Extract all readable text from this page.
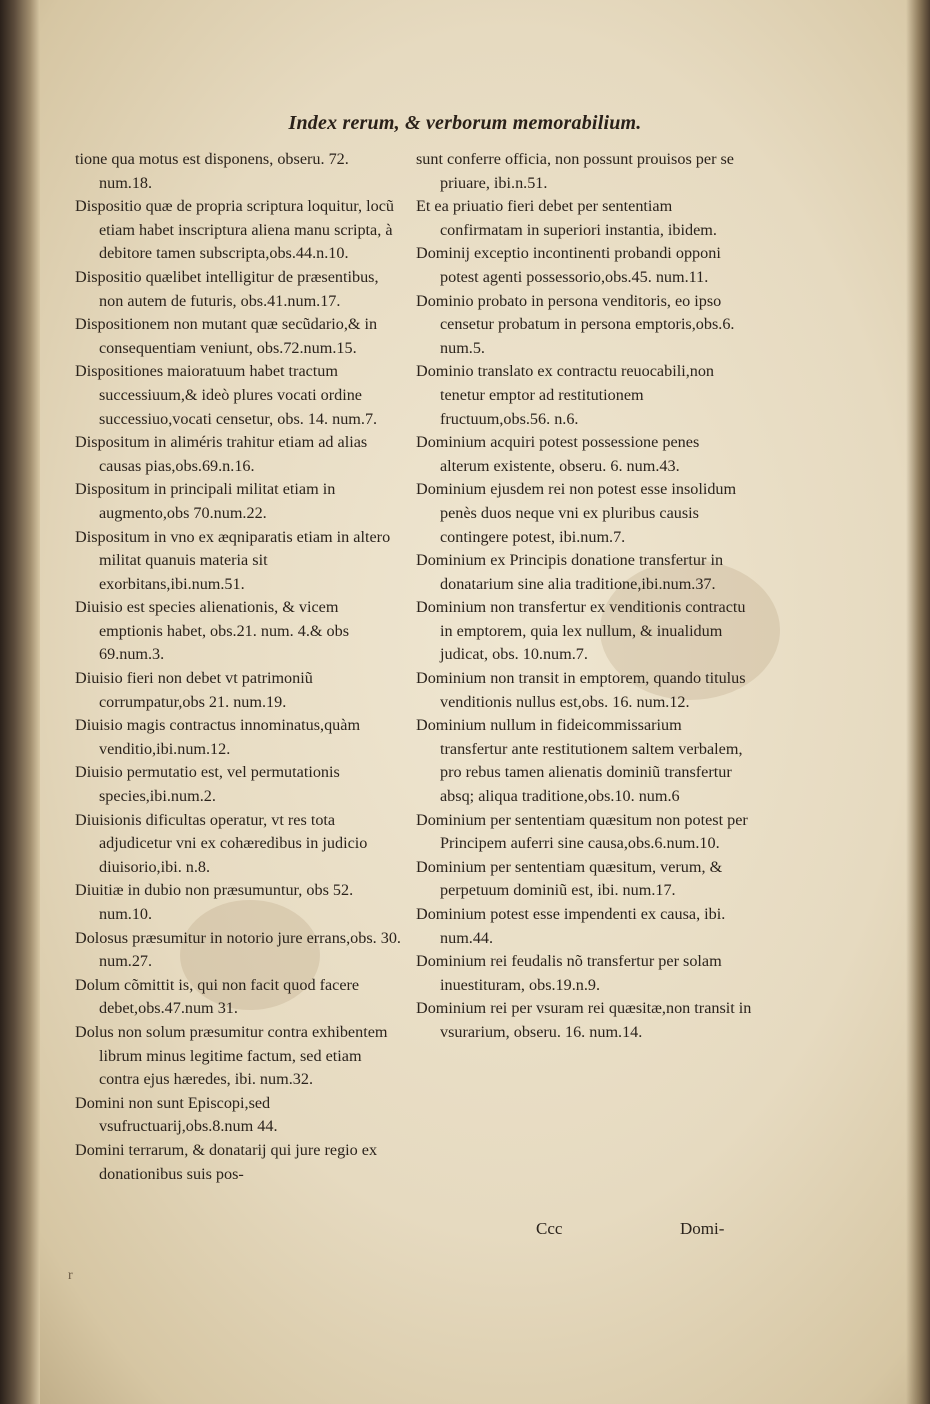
Index rerum, & verborum memorabilium.
tione qua motus est disponens, obseru. 72. num.18.
Dispositio quæ de propria scriptura loquitur, locũ etiam habet inscriptura aliena manu scripta, à debitore tamen subscripta,obs.44.n.10.
Dispositio quælibet intelligitur de præsentibus, non autem de futuris, obs.41.num.17.
Dispositionem non mutant quæ secũdario,& in consequentiam veniunt, obs.72.num.15.
Dispositiones maioratuum habet tractum successiuum,& ideò plures vocati ordine successiuo,vocati censetur, obs. 14. num.7.
Dispositum in aliméris trahitur etiam ad alias causas pias,obs.69.n.16.
Dispositum in principali militat etiam in augmento,obs 70.num.22.
Dispositum in vno ex æqniparatis etiam in altero militat quanuis materia sit exorbitans,ibi.num.51.
Diuisio est species alienationis, & vicem emptionis habet, obs.21. num. 4.& obs 69.num.3.
Diuisio fieri non debet vt patrimoniũ corrumpatur,obs 21. num.19.
Diuisio magis contractus innominatus,quàm venditio,ibi.num.12.
Diuisio permutatio est, vel permutationis species,ibi.num.2.
Diuisionis dificultas operatur, vt res tota adjudicetur vni ex cohæredibus in judicio diuisorio,ibi. n.8.
Diuitiæ in dubio non præsumuntur, obs 52. num.10.
Dolosus præsumitur in notorio jure errans,obs. 30. num.27.
Dolum cõmittit is, qui non facit quod facere debet,obs.47.num 31.
Dolus non solum præsumitur contra exhibentem librum minus legitime factum, sed etiam contra ejus hæredes, ibi. num.32.
Domini non sunt Episcopi,sed vsufructuarij,obs.8.num 44.
Domini terrarum, & donatarij qui jure regio ex donationibus suis pos-
sunt conferre officia, non possunt prouisos per se priuare, ibi.n.51.
Et ea priuatio fieri debet per sententiam confirmatam in superiori instantia, ibidem.
Dominij exceptio incontinenti probandi opponi potest agenti possessorio,obs.45. num.11.
Dominio probato in persona venditoris, eo ipso censetur probatum in persona emptoris,obs.6. num.5.
Dominio translato ex contractu reuocabili,non tenetur emptor ad restitutionem fructuum,obs.56. n.6.
Dominium acquiri potest possessione penes alterum existente, obseru. 6. num.43.
Dominium ejusdem rei non potest esse insolidum penès duos neque vni ex pluribus causis contingere potest, ibi.num.7.
Dominium ex Principis donatione transfertur in donatarium sine alia traditione,ibi.num.37.
Dominium non transfertur ex venditionis contractu in emptorem, quia lex nullum, & inualidum judicat, obs. 10.num.7.
Dominium non transit in emptorem, quando titulus venditionis nullus est,obs. 16. num.12.
Dominium nullum in fideicommissarium transfertur ante restitutionem saltem verbalem, pro rebus tamen alienatis dominiũ transfertur absq; aliqua traditione,obs.10. num.6
Dominium per sententiam quæsitum non potest per Principem auferri sine causa,obs.6.num.10.
Dominium per sententiam quæsitum, verum, & perpetuum dominiũ est, ibi. num.17.
Dominium potest esse impendenti ex causa, ibi. num.44.
Dominium rei feudalis nõ transfertur per solam inuestituram, obs.19.n.9.
Dominium rei per vsuram rei quæsitæ,non transit in vsurarium, obseru. 16. num.14.
Ccc	Domi-
r
